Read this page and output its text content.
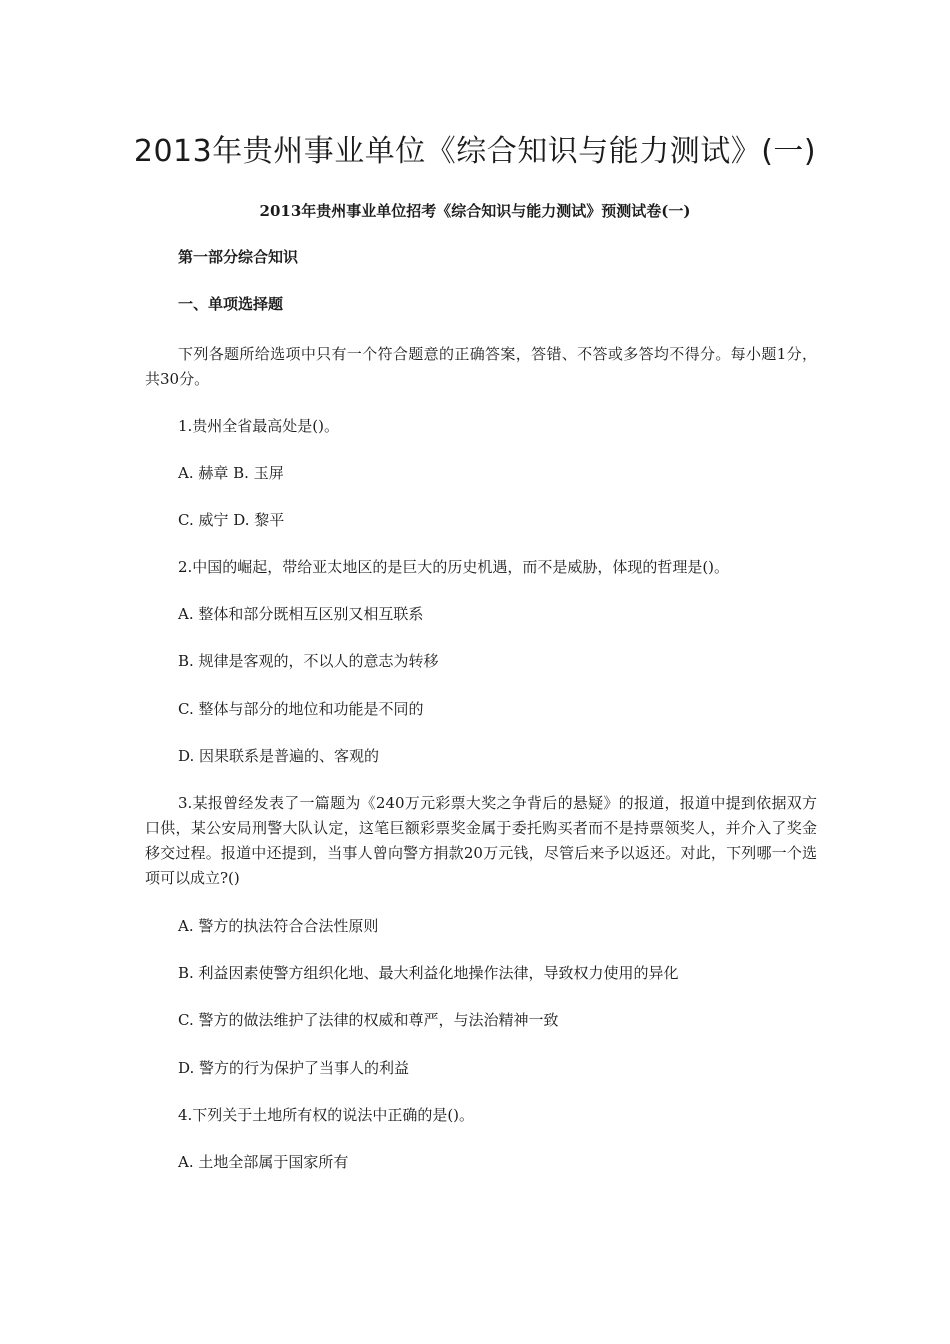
2013年贵州事业单位《综合知识与能力测试》(一)
2013年贵州事业单位招考《综合知识与能力测试》预测试卷(一)
第一部分综合知识
一、单项选择题
下列各题所给选项中只有一个符合题意的正确答案，答错、不答或多答均不得分。每小题1分，共30分。
1.贵州全省最高处是()。
A. 赫章 B. 玉屏
C. 威宁 D. 黎平
2.中国的崛起，带给亚太地区的是巨大的历史机遇，而不是威胁，体现的哲理是()。
A. 整体和部分既相互区别又相互联系
B. 规律是客观的，不以人的意志为转移
C. 整体与部分的地位和功能是不同的
D. 因果联系是普遍的、客观的
3.某报曾经发表了一篇题为《240万元彩票大奖之争背后的悬疑》的报道，报道中提到依据双方口供，某公安局刑警大队认定，这笔巨额彩票奖金属于委托购买者而不是持票领奖人，并介入了奖金移交过程。报道中还提到，当事人曾向警方捐款20万元钱，尽管后来予以返还。对此，下列哪一个选项可以成立?()
A. 警方的执法符合合法性原则
B. 利益因素使警方组织化地、最大利益化地操作法律，导致权力使用的异化
C. 警方的做法维护了法律的权威和尊严，与法治精神一致
D. 警方的行为保护了当事人的利益
4.下列关于土地所有权的说法中正确的是()。
A. 土地全部属于国家所有
